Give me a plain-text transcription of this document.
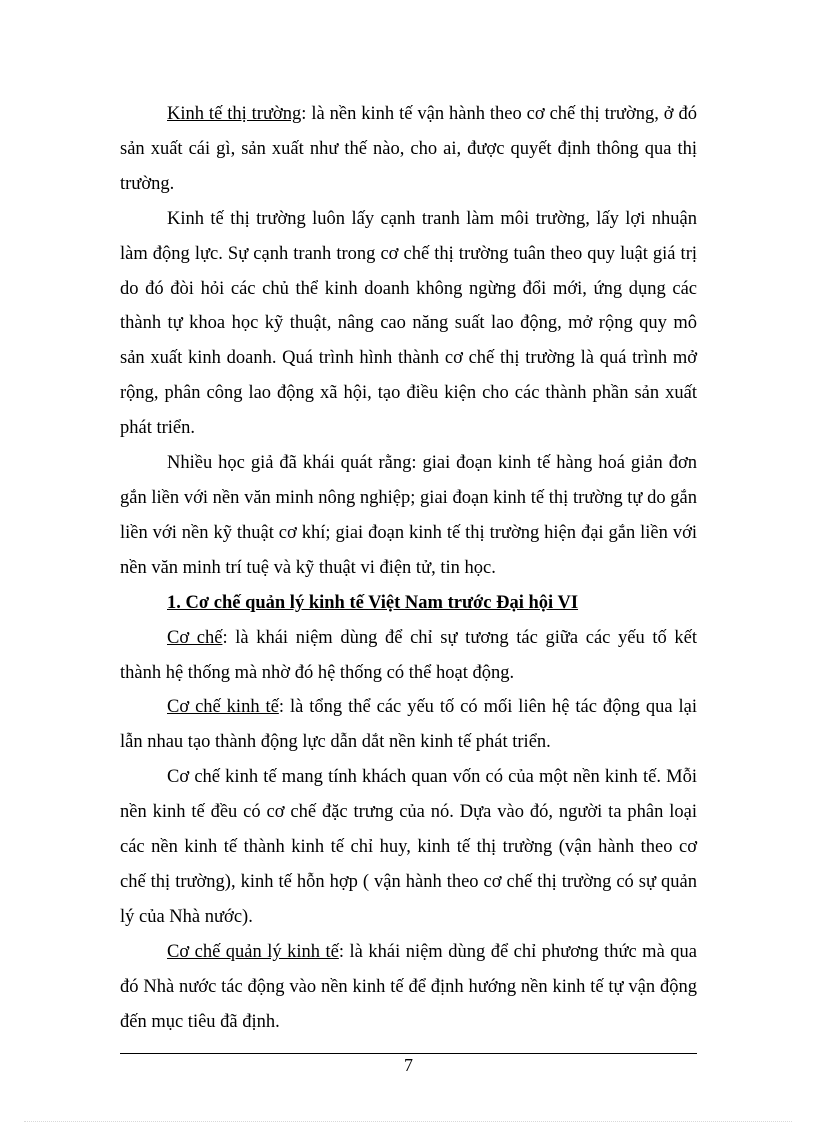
Kinh tế thị trường: là nền kinh tế vận hành theo cơ chế thị trường, ở đó sản xuất cái gì, sản xuất như thế nào, cho ai, được quyết định thông qua thị trường.

Kinh tế thị trường luôn lấy cạnh tranh làm môi trường, lấy lợi nhuận làm động lực. Sự cạnh tranh trong cơ chế thị trường tuân theo quy luật giá trị do đó đòi hỏi các chủ thể kinh doanh không ngừng đổi mới, ứng dụng các thành tự khoa học kỹ thuật, nâng cao năng suất lao động, mở rộng quy mô sản xuất kinh doanh. Quá trình hình thành cơ chế thị trường là quá trình mở rộng, phân công lao động xã hội, tạo điều kiện cho các thành phần sản xuất phát triển.

Nhiều học giả đã khái quát rằng: giai đoạn kinh tế hàng hoá giản đơn gắn liền với nền văn minh nông nghiệp; giai đoạn kinh tế thị trường tự do gắn liền với nền kỹ thuật cơ khí; giai đoạn kinh tế thị trường hiện đại gắn liền với nền văn minh trí tuệ và kỹ thuật vi điện tử, tin học.

1. Cơ chế quản lý kinh tế Việt Nam trước Đại hội VI

Cơ chế: là khái niệm dùng để chỉ sự tương tác giữa các yếu tố kết thành hệ thống mà nhờ đó hệ thống có thể hoạt động.

Cơ chế kinh tế: là tổng thể các yếu tố có mối liên hệ tác động qua lại lẫn nhau tạo thành động lực dẫn dắt nền kinh tế phát triển.

Cơ chế kinh tế mang tính khách quan vốn có của một nền kinh tế. Mỗi nền kinh tế đều có cơ chế đặc trưng của nó. Dựa vào đó, người ta phân loại các nền kinh tế thành kinh tế chỉ huy, kinh tế thị trường (vận hành theo cơ chế thị trường), kinh tế hỗn hợp ( vận hành theo cơ chế thị trường có sự quản lý của Nhà nước).

Cơ chế quản lý kinh tế: là khái niệm dùng để chỉ phương thức mà qua đó Nhà nước tác động vào nền kinh tế để định hướng nền kinh tế tự vận động đến mục tiêu đã định.

7
